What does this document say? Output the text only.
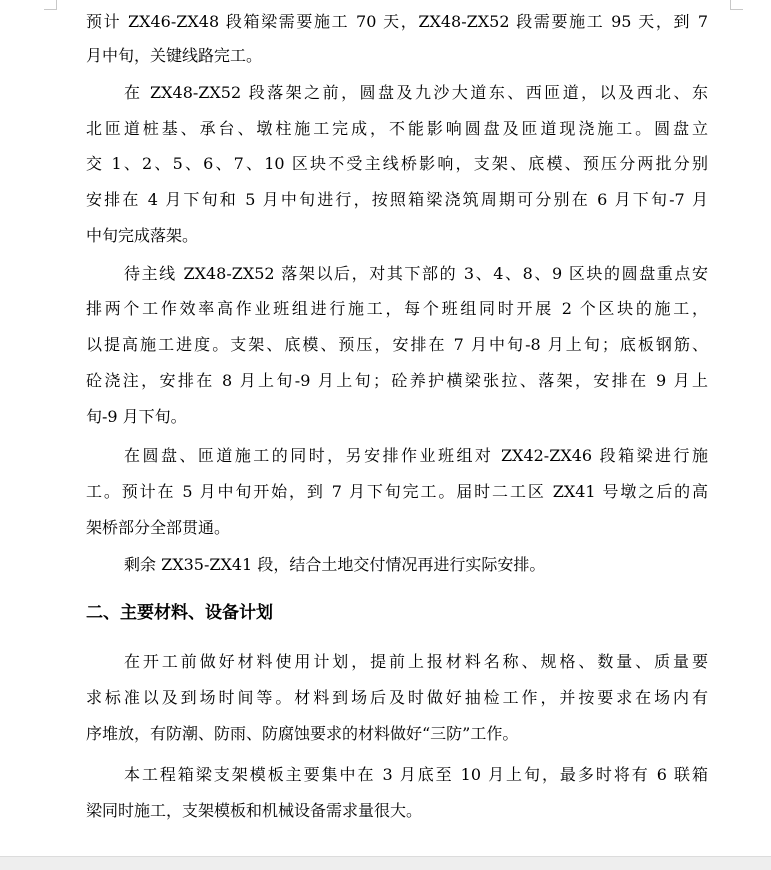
预计 ZX46-ZX48 段箱梁需要施工 70 天，ZX48-ZX52 段需要施工 95 天，到 7
月中旬，关键线路完工。
在 ZX48-ZX52 段落架之前，圆盘及九沙大道东、西匝道，以及西北、东
北匝道桩基、承台、墩柱施工完成，不能影响圆盘及匝道现浇施工。圆盘立
交 1、2、5、6、7、10 区块不受主线桥影响，支架、底模、预压分两批分别
安排在 4 月下旬和 5 月中旬进行，按照箱梁浇筑周期可分别在 6 月下旬-7 月
中旬完成落架。
待主线 ZX48-ZX52 落架以后，对其下部的 3、4、8、9 区块的圆盘重点安
排两个工作效率高作业班组进行施工，每个班组同时开展 2 个区块的施工，
以提高施工进度。支架、底模、预压，安排在 7 月中旬-8 月上旬；底板钢筋、
砼浇注，安排在 8 月上旬-9 月上旬；砼养护横梁张拉、落架，安排在 9 月上
旬-9 月下旬。
在圆盘、匝道施工的同时，另安排作业班组对 ZX42-ZX46 段箱梁进行施
工。预计在 5 月中旬开始，到 7 月下旬完工。届时二工区 ZX41 号墩之后的高
架桥部分全部贯通。
剩余 ZX35-ZX41 段，结合土地交付情况再进行实际安排。
二、主要材料、设备计划
在开工前做好材料使用计划，提前上报材料名称、规格、数量、质量要
求标准以及到场时间等。材料到场后及时做好抽检工作，并按要求在场内有
序堆放，有防潮、防雨、防腐蚀要求的材料做好“三防”工作。
本工程箱梁支架模板主要集中在 3 月底至 10 月上旬，最多时将有 6 联箱
梁同时施工，支架模板和机械设备需求量很大。
